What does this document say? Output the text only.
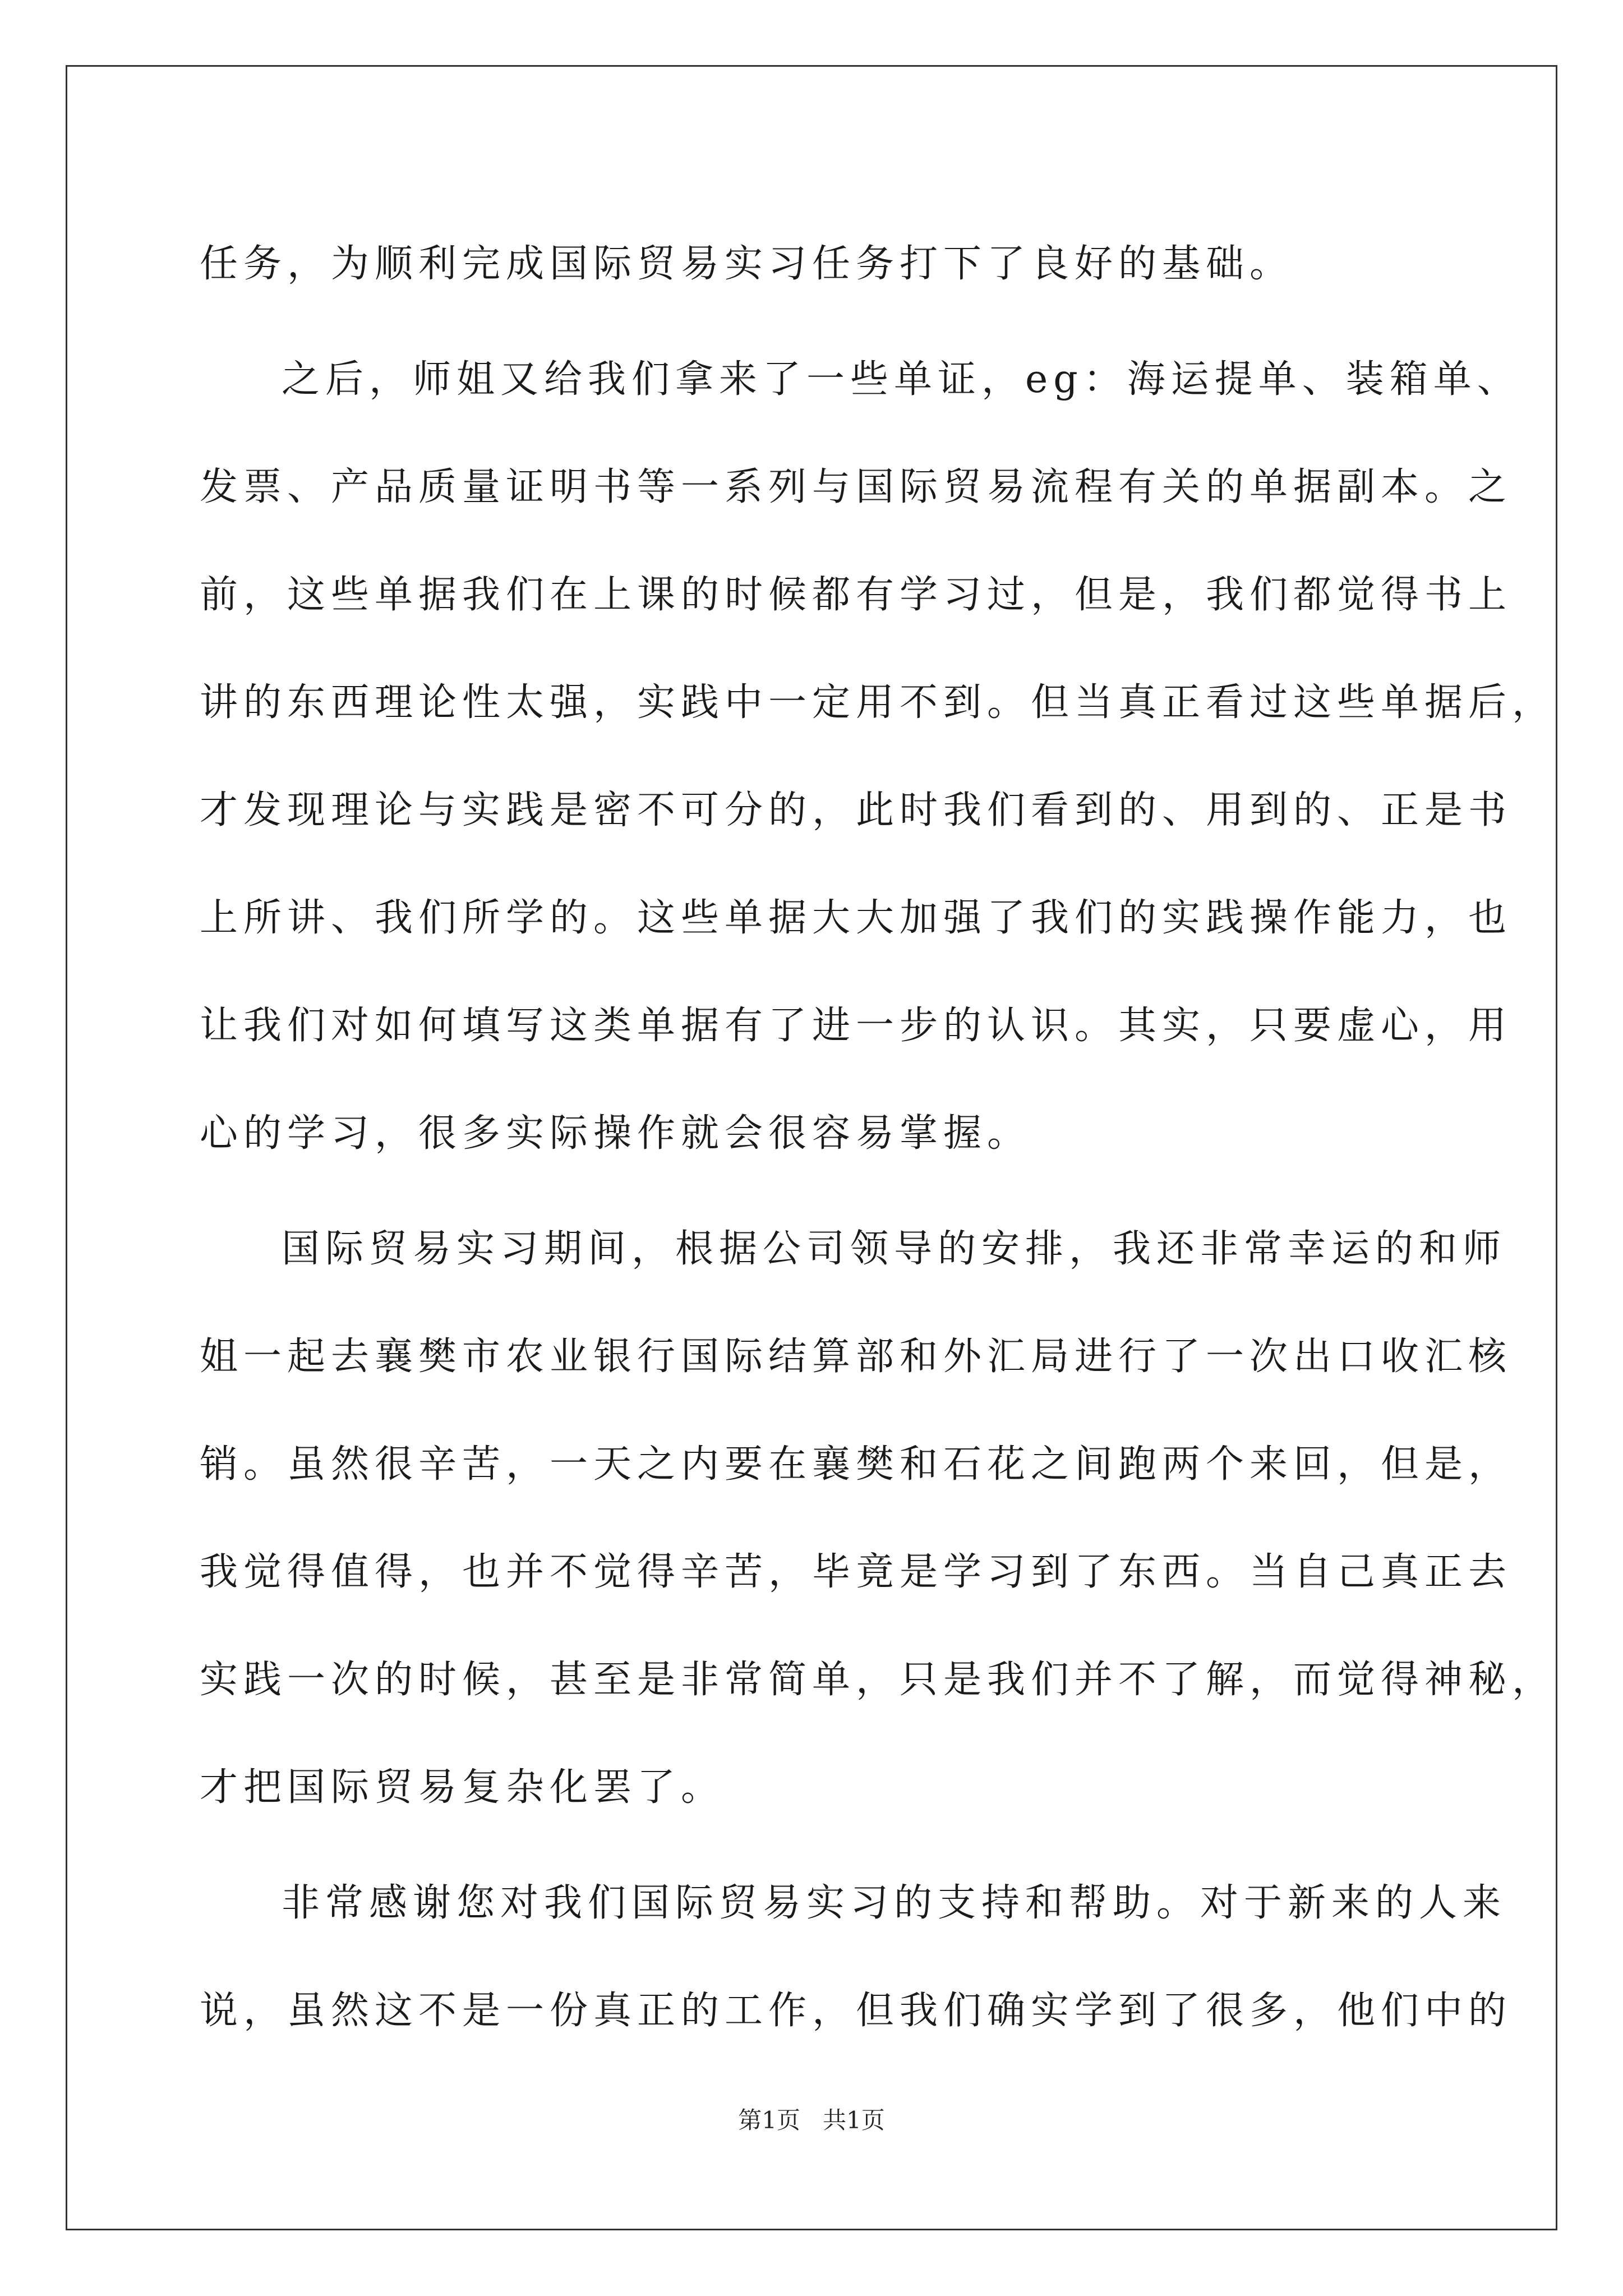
任务，为顺利完成国际贸易实习任务打下了良好的基础。
之后，师姐又给我们拿来了一些单证，eg：海运提单、装箱单、
发票、产品质量证明书等一系列与国际贸易流程有关的单据副本。之
前，这些单据我们在上课的时候都有学习过，但是，我们都觉得书上
讲的东西理论性太强，实践中一定用不到。但当真正看过这些单据后，
才发现理论与实践是密不可分的，此时我们看到的、用到的、正是书
上所讲、我们所学的。这些单据大大加强了我们的实践操作能力，也
让我们对如何填写这类单据有了进一步的认识。其实，只要虚心，用
心的学习，很多实际操作就会很容易掌握。
国际贸易实习期间，根据公司领导的安排，我还非常幸运的和师
姐一起去襄樊市农业银行国际结算部和外汇局进行了一次出口收汇核
销。虽然很辛苦，一天之内要在襄樊和石花之间跑两个来回，但是，
我觉得值得，也并不觉得辛苦，毕竟是学习到了东西。当自己真正去
实践一次的时候，甚至是非常简单，只是我们并不了解，而觉得神秘，
才把国际贸易复杂化罢了。
非常感谢您对我们国际贸易实习的支持和帮助。对于新来的人来
说，虽然这不是一份真正的工作，但我们确实学到了很多，他们中的
第1页 共1页
